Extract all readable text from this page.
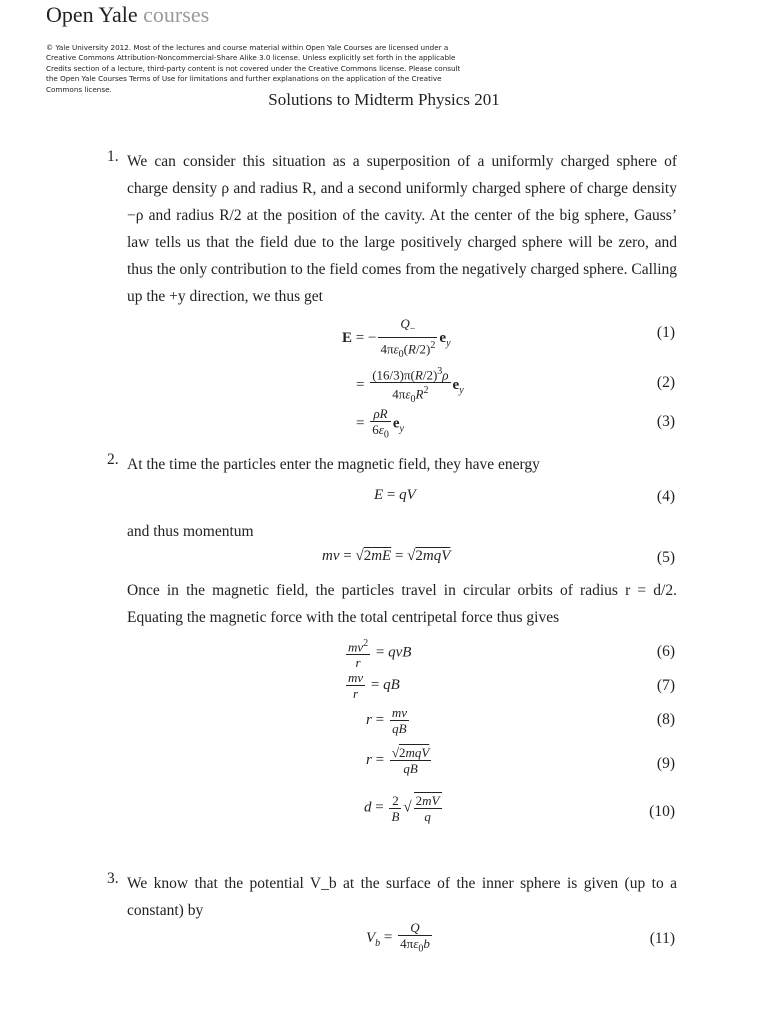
Open Yale courses
© Yale University 2012. Most of the lectures and course material within Open Yale Courses are licensed under a Creative Commons Attribution-Noncommercial-Share Alike 3.0 license. Unless explicitly set forth in the applicable Credits section of a lecture, third-party content is not covered under the Creative Commons license. Please consult the Open Yale Courses Terms of Use for limitations and further explanations on the application of the Creative Commons license.
Solutions to Midterm Physics 201
1. We can consider this situation as a superposition of a uniformly charged sphere of charge density ρ and radius R, and a second uniformly charged sphere of charge density −ρ and radius R/2 at the position of the cavity. At the center of the big sphere, Gauss’ law tells us that the field due to the large positively charged sphere will be zero, and thus the only contribution to the field comes from the negatively charged sphere. Calling up the +y direction, we thus get
E = − $\frac{Q_-}{4\pi\varepsilon_0(R/2)^2} e_y$
(1)
= $\frac{(16/3)\pi(R/2)^3\rho}{4\pi\varepsilon_0R^2} e_y$	(2)
= $\frac{\rho R}{6\varepsilon_0} e_y$	(3)
2. At the time the particles enter the magnetic field, they have energy
E = qV	(4)
and thus momentum
mv = √2mE = √2mqV	(5)
Once in the magnetic field, the particles travel in circular orbits of radius r = d/2. Equating the magnetic force with the total centripetal force thus gives
$\frac{mv^2}{r}$ = qvB	(6)
$\frac{mv}{r}$ = qB	(7)
$r = \frac{mv}{qB}$	(8)
$r = \frac{\text{√2mqV}}{qB}$	(9)
$d = \frac{2}{B}$ √ $\frac{2mV}{q}$	(10)
3. We know that the potential V_b at the surface of the inner sphere is given (up to a constant) by
$V_b = \frac{Q}{4\pi\varepsilon_0b}$	(11)
